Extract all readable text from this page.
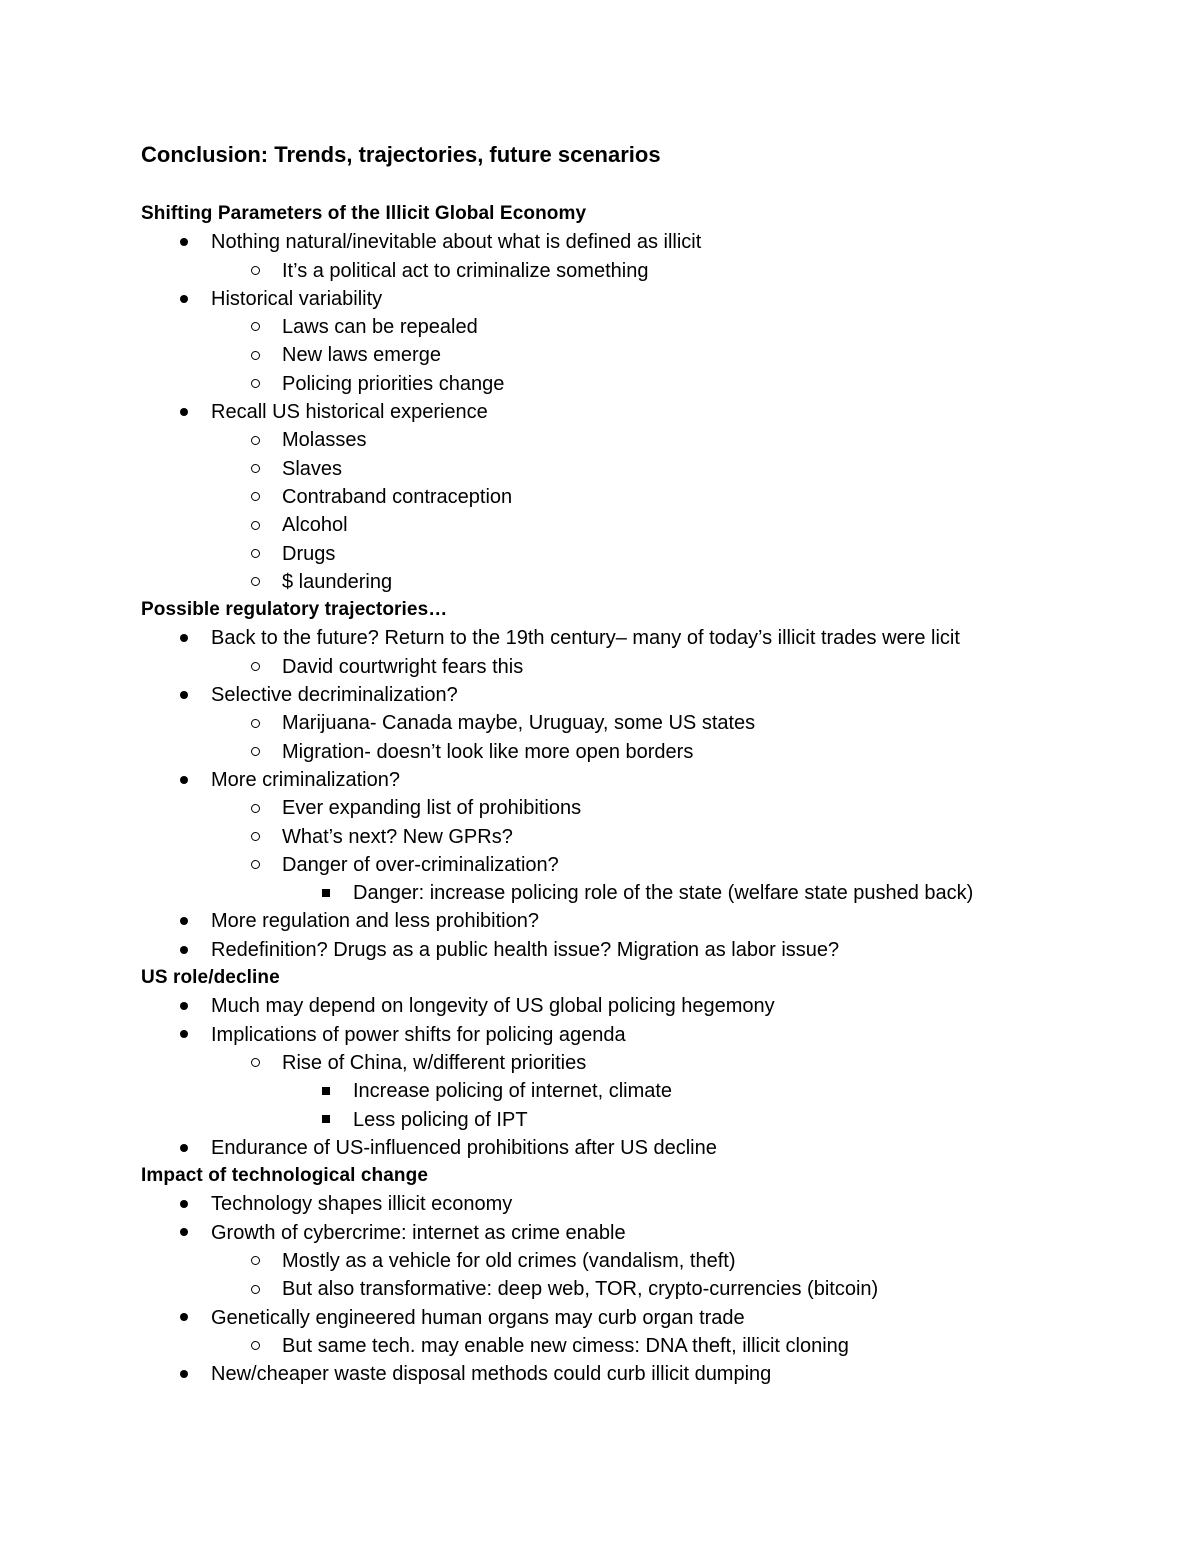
Conclusion: Trends, trajectories, future scenarios
Shifting Parameters of the Illicit Global Economy
Nothing natural/inevitable about what is defined as illicit
It’s a political act to criminalize something
Historical variability
Laws can be repealed
New laws emerge
Policing priorities change
Recall US historical experience
Molasses
Slaves
Contraband contraception
Alcohol
Drugs
$ laundering
Possible regulatory trajectories…
Back to the future? Return to the 19th century– many of today’s illicit trades were licit
David courtwright fears this
Selective decriminalization?
Marijuana- Canada maybe, Uruguay, some US states
Migration- doesn’t look like more open borders
More criminalization?
Ever expanding list of prohibitions
What’s next? New GPRs?
Danger of over-criminalization?
Danger: increase policing role of the state (welfare state pushed back)
More regulation and less prohibition?
Redefinition? Drugs as a public health issue? Migration as labor issue?
US role/decline
Much may depend on longevity of US global policing hegemony
Implications of power shifts for policing agenda
Rise of China, w/different priorities
Increase policing of internet, climate
Less policing of IPT
Endurance of US-influenced prohibitions after US decline
Impact of technological change
Technology shapes illicit economy
Growth of cybercrime: internet as crime enable
Mostly as a vehicle for old crimes (vandalism, theft)
But also transformative: deep web, TOR, crypto-currencies (bitcoin)
Genetically engineered human organs may curb organ trade
But same tech. may enable new cimess: DNA theft, illicit cloning
New/cheaper waste disposal methods could curb illicit dumping
